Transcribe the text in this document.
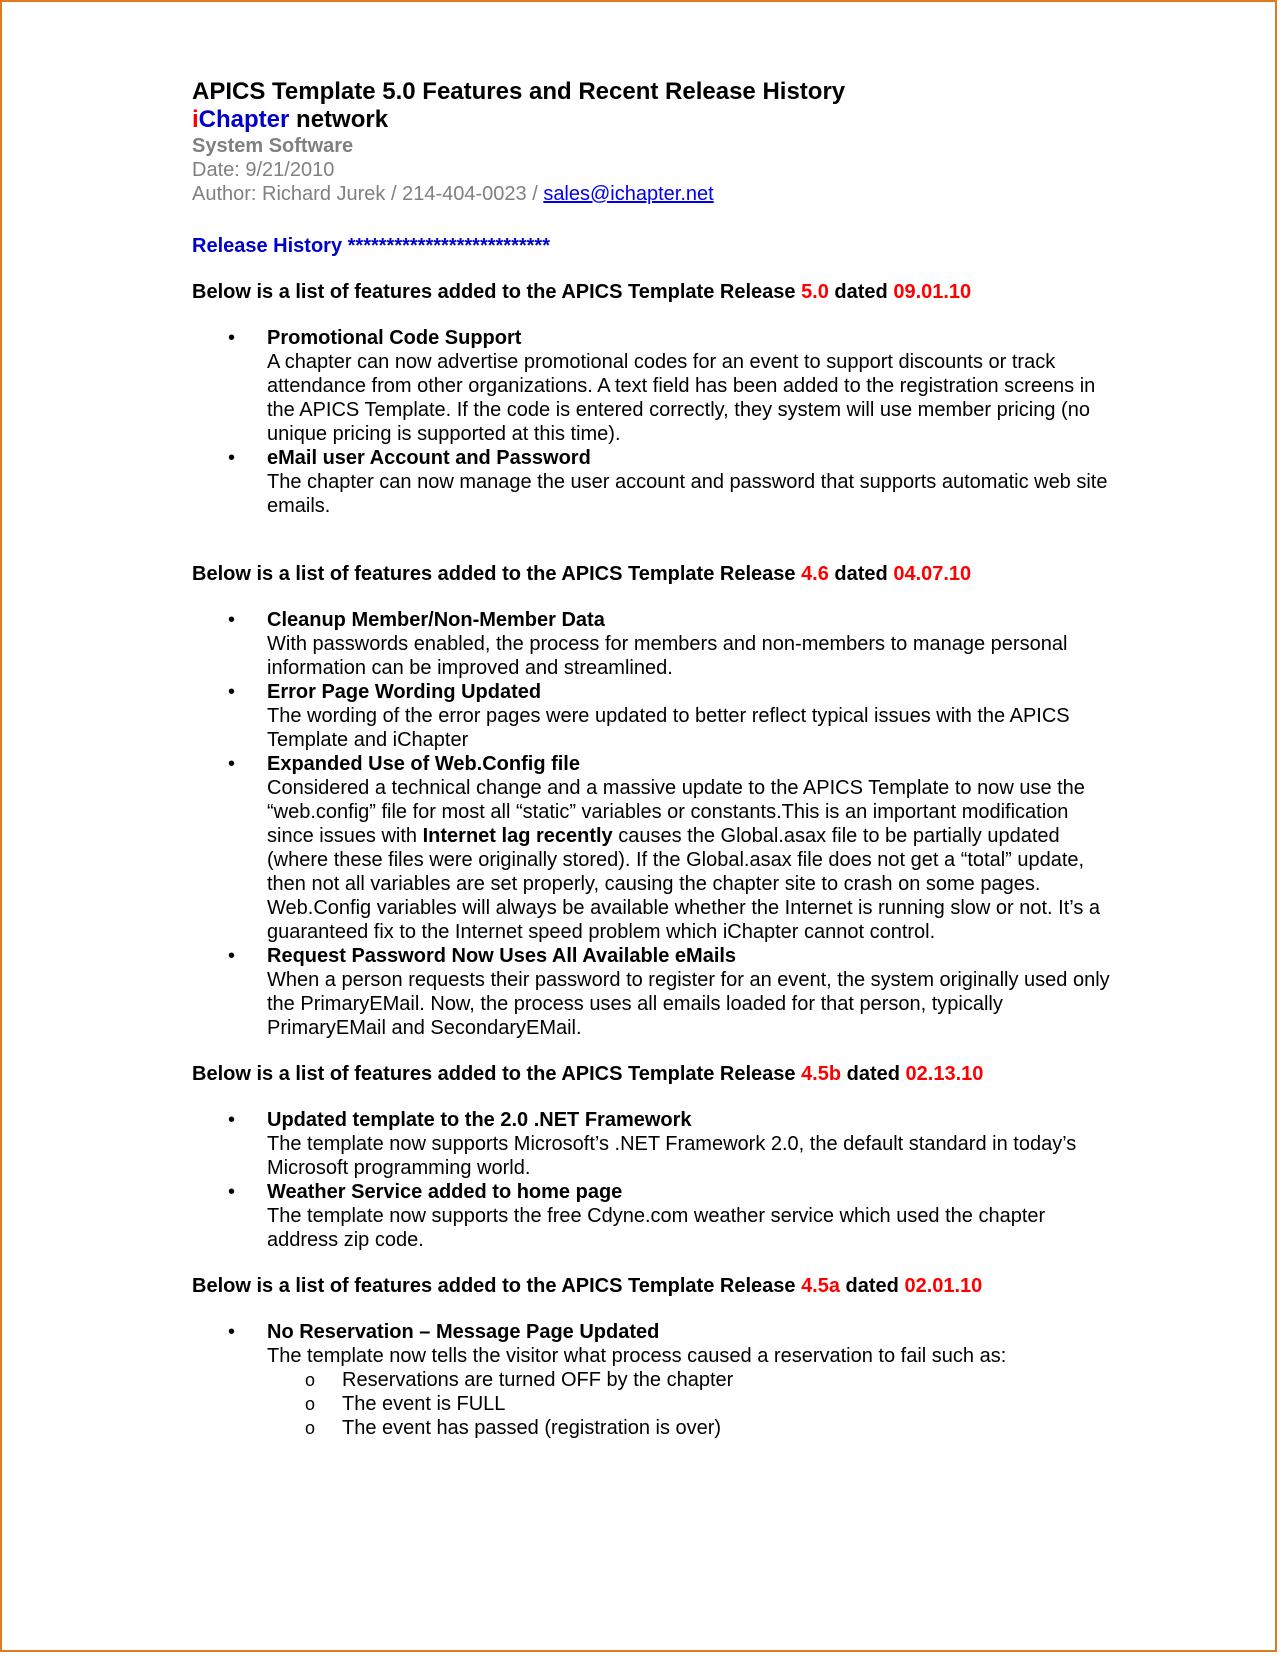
APICS Template 5.0 Features and Recent Release History
iChapter network
System Software
Date: 9/21/2010
Author: Richard Jurek / 214-404-0023 / sales@ichapter.net
Release History **************************
Below is a list of features added to the APICS Template Release 5.0 dated 09.01.10
• Promotional Code Support
A chapter can now advertise promotional codes for an event to support discounts or track attendance from other organizations. A text field has been added to the registration screens in the APICS Template. If the code is entered correctly, they system will use member pricing (no unique pricing is supported at this time).
• eMail user Account and Password
The chapter can now manage the user account and password that supports automatic web site emails.
Below is a list of features added to the APICS Template Release 4.6 dated 04.07.10
• Cleanup Member/Non-Member Data
With passwords enabled, the process for members and non-members to manage personal information can be improved and streamlined.
• Error Page Wording Updated
The wording of the error pages were updated to better reflect typical issues with the APICS Template and iChapter
• Expanded Use of Web.Config file
Considered a technical change and a massive update to the APICS Template to now use the “web.config” file for most all “static” variables or constants.This is an important modification since issues with Internet lag recently causes the Global.asax file to be partially updated (where these files were originally stored). If the Global.asax file does not get a “total” update, then not all variables are set properly, causing the chapter site to crash on some pages. Web.Config variables will always be available whether the Internet is running slow or not. It’s a guaranteed fix to the Internet speed problem which iChapter cannot control.
• Request Password Now Uses All Available eMails
When a person requests their password to register for an event, the system originally used only the PrimaryEMail. Now, the process uses all emails loaded for that person, typically PrimaryEMail and SecondaryEMail.
Below is a list of features added to the APICS Template Release 4.5b dated 02.13.10
• Updated template to the 2.0 .NET Framework
The template now supports Microsoft’s .NET Framework 2.0, the default standard in today’s Microsoft programming world.
• Weather Service added to home page
The template now supports the free Cdyne.com weather service which used the chapter address zip code.
Below is a list of features added to the APICS Template Release 4.5a dated 02.01.10
• No Reservation – Message Page Updated
The template now tells the visitor what process caused a reservation to fail such as:
o Reservations are turned OFF by the chapter
o The event is FULL
o The event has passed (registration is over)
